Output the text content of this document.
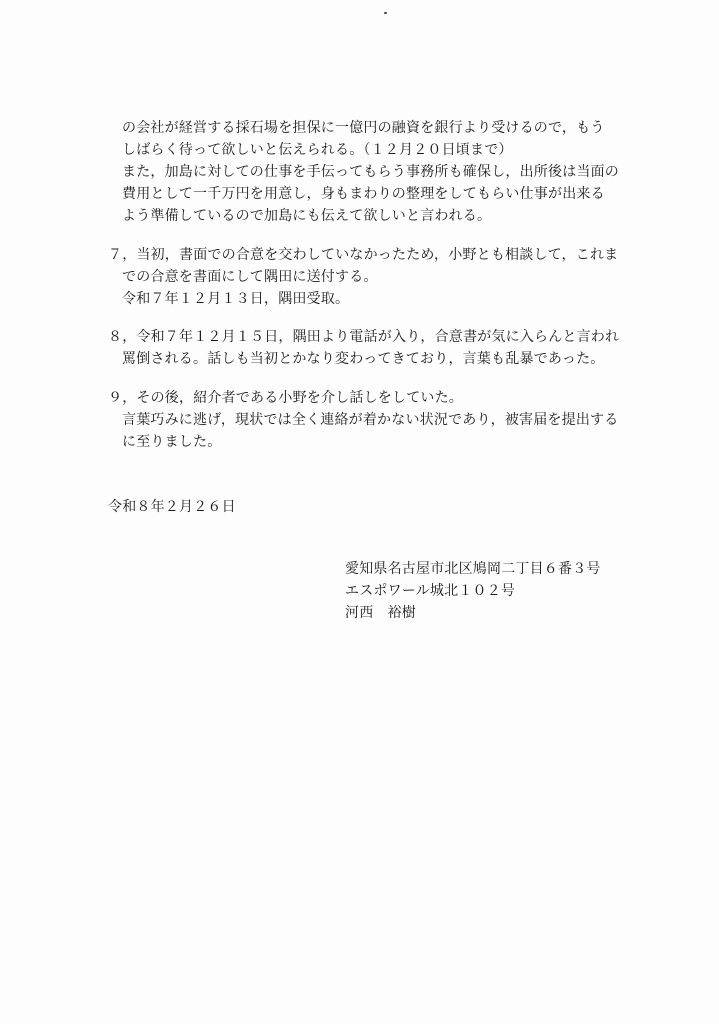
の会社が経営する採石場を担保に一億円の融資を銀行より受けるので，もう
しばらく待って欲しいと伝えられる。（１２月２０日頃まで）
また，加島に対しての仕事を手伝ってもらう事務所も確保し，出所後は当面の
費用として一千万円を用意し，身もまわりの整理をしてもらい仕事が出来る
よう準備しているので加島にも伝えて欲しいと言われる。
７，当初，書面での合意を交わしていなかったため，小野とも相談して，これま
での合意を書面にして隅田に送付する。
令和７年１２月１３日，隅田受取。
８，令和７年１２月１５日，隅田より電話が入り，合意書が気に入らんと言われ
罵倒される。話しも当初とかなり変わってきており，言葉も乱暴であった。
９，その後，紹介者である小野を介し話しをしていた。
言葉巧みに逃げ，現状では全く連絡が着かない状況であり，被害届を提出する
に至りました。
令和８年２月２６日
愛知県名古屋市北区鳩岡二丁目６番３号
エスポワール城北１０２号
河西　裕樹
